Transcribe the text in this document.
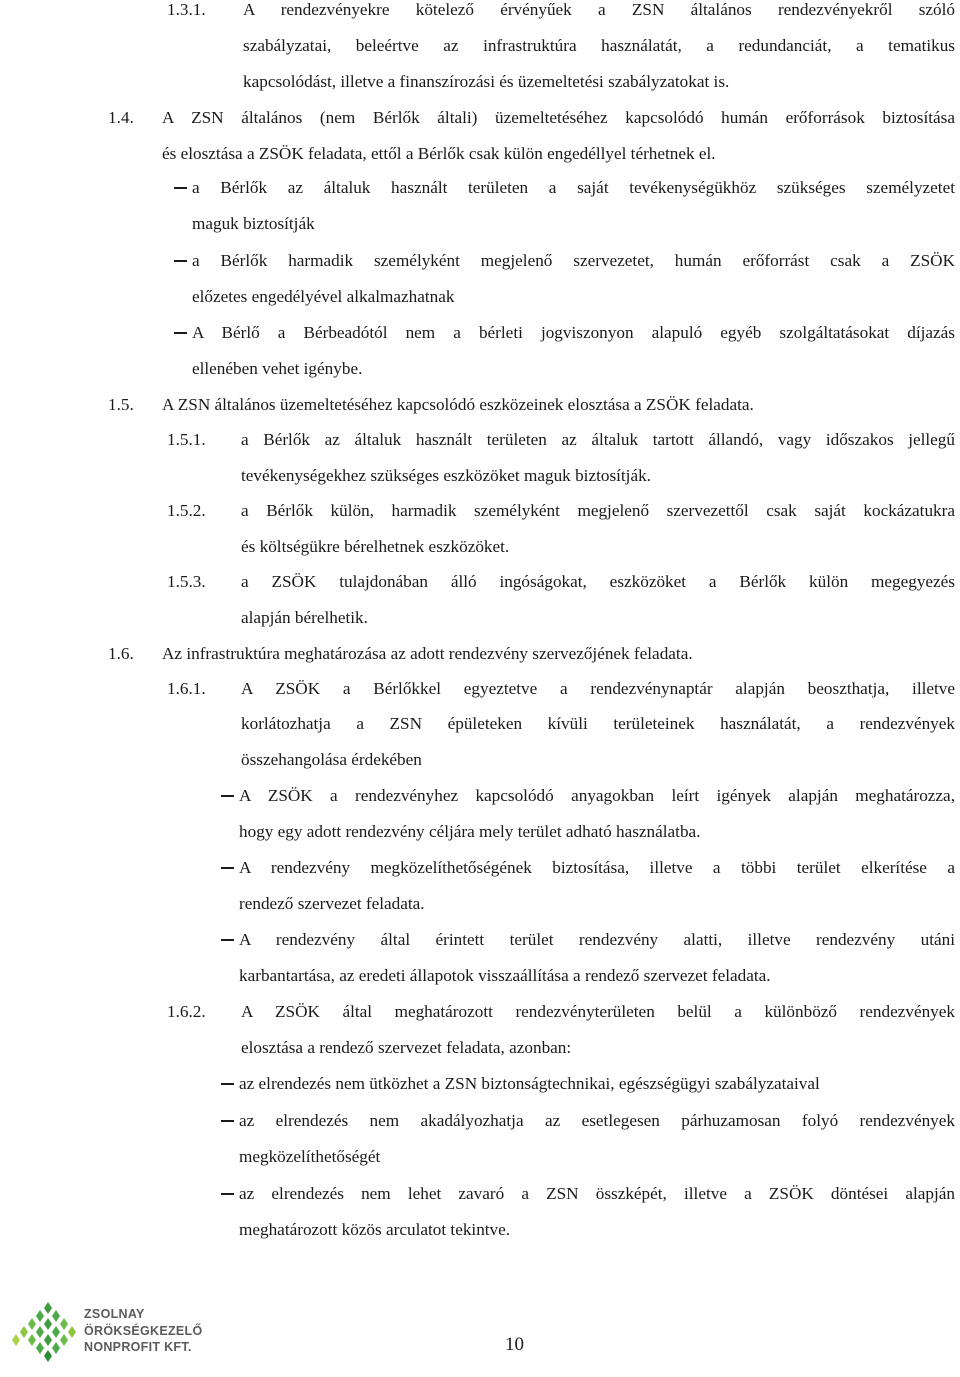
1.3.1. A rendezvényekre kötelező érvényűek a ZSN általános rendezvényekről szóló
szabályzatai, beleértve az infrastruktúra használatát, a redundanciát, a tematikus
kapcsolódást, illetve a finanszírozási és üzemeltetési szabályzatokat is.
1.4. A ZSN általános (nem Bérlők általi) üzemeltetéséhez kapcsolódó humán erőforrások biztosítása
és elosztása a ZSÖK feladata, ettől a Bérlők csak külön engedéllyel térhetnek el.
a Bérlők az általuk használt területen a saját tevékenységükhöz szükséges személyzetet
maguk biztosítják
a Bérlők harmadik személyként megjelenő szervezetet, humán erőforrást csak a ZSÖK
előzetes engedélyével alkalmazhatnak
A Bérlő a Bérbeadótól nem a bérleti jogviszonyon alapuló egyéb szolgáltatásokat díjazás
ellenében vehet igénybe.
1.5. A ZSN általános üzemeltetéséhez kapcsolódó eszközeinek elosztása a ZSÖK feladata.
1.5.1. a Bérlők az általuk használt területen az általuk tartott állandó, vagy időszakos jellegű
tevékenységekhez szükséges eszközöket maguk biztosítják.
1.5.2. a Bérlők külön, harmadik személyként megjelenő szervezettől csak saját kockázatukra
és költségükre bérelhetnek eszközöket.
1.5.3. a ZSÖK tulajdonában álló ingóságokat, eszközöket a Bérlők külön megegyezés
alapján bérelhetik.
1.6. Az infrastruktúra meghatározása az adott rendezvény szervezőjének feladata.
1.6.1. A ZSÖK a Bérlőkkel egyeztetve a rendezvénynaptár alapján beoszthatja, illetve
korlátozhatja a ZSN épületeken kívüli területeinek használatát, a rendezvények
összehangolása érdekében
A ZSÖK a rendezvényhez kapcsolódó anyagokban leírt igények alapján meghatározza,
hogy egy adott rendezvény céljára mely terület adható használatba.
A rendezvény megközelíthetőségének biztosítása, illetve a többi terület elkerítése a
rendező szervezet feladata.
A rendezvény által érintett terület rendezvény alatti, illetve rendezvény utáni
karbantartása, az eredeti állapotok visszaállítása a rendező szervezet feladata.
1.6.2. A ZSÖK által meghatározott rendezvényterületen belül a különböző rendezvények
elosztása a rendező szervezet feladata, azonban:
az elrendezés nem ütközhet a ZSN biztonságtechnikai, egészségügyi szabályzataival
az elrendezés nem akadályozhatja az esetlegesen párhuzamosan folyó rendezvények
megközelíthetőségét
az elrendezés nem lehet zavaró a ZSN összképét, illetve a ZSÖK döntései alapján
meghatározott közös arculatot tekintve.
ZSOLNAY
ÖRÖKSÉGKEZELŐ
NONPROFIT KFT.	10
